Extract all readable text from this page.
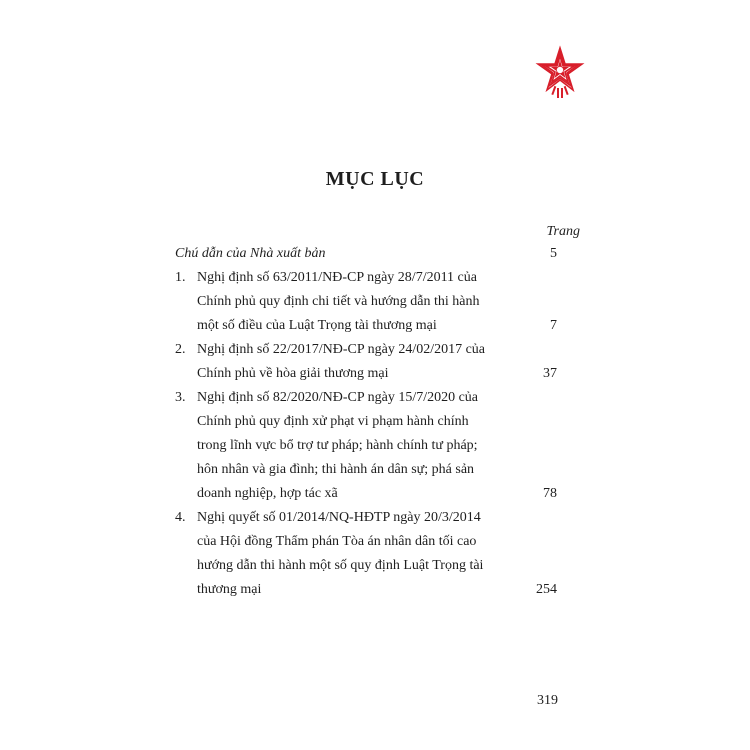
MỤC LỤC
Trang
Chú dẫn của Nhà xuất bản	5
1. Nghị định số 63/2011/NĐ-CP ngày 28/7/2011 của
Chính phủ quy định chi tiết và hướng dẫn thi hành
một số điều của Luật Trọng tài thương mại	7
2. Nghị định số 22/2017/NĐ-CP ngày 24/02/2017 của
Chính phủ về hòa giải thương mại	37
3. Nghị định số 82/2020/NĐ-CP ngày 15/7/2020 của
Chính phủ quy định xử phạt vi phạm hành chính
trong lĩnh vực bổ trợ tư pháp; hành chính tư pháp;
hôn nhân và gia đình; thi hành án dân sự; phá sản
doanh nghiệp, hợp tác xã	78
4. Nghị quyết số 01/2014/NQ-HĐTP ngày 20/3/2014
của Hội đồng Thẩm phán Tòa án nhân dân tối cao
hướng dẫn thi hành một số quy định Luật Trọng tài
thương mại	254
319
